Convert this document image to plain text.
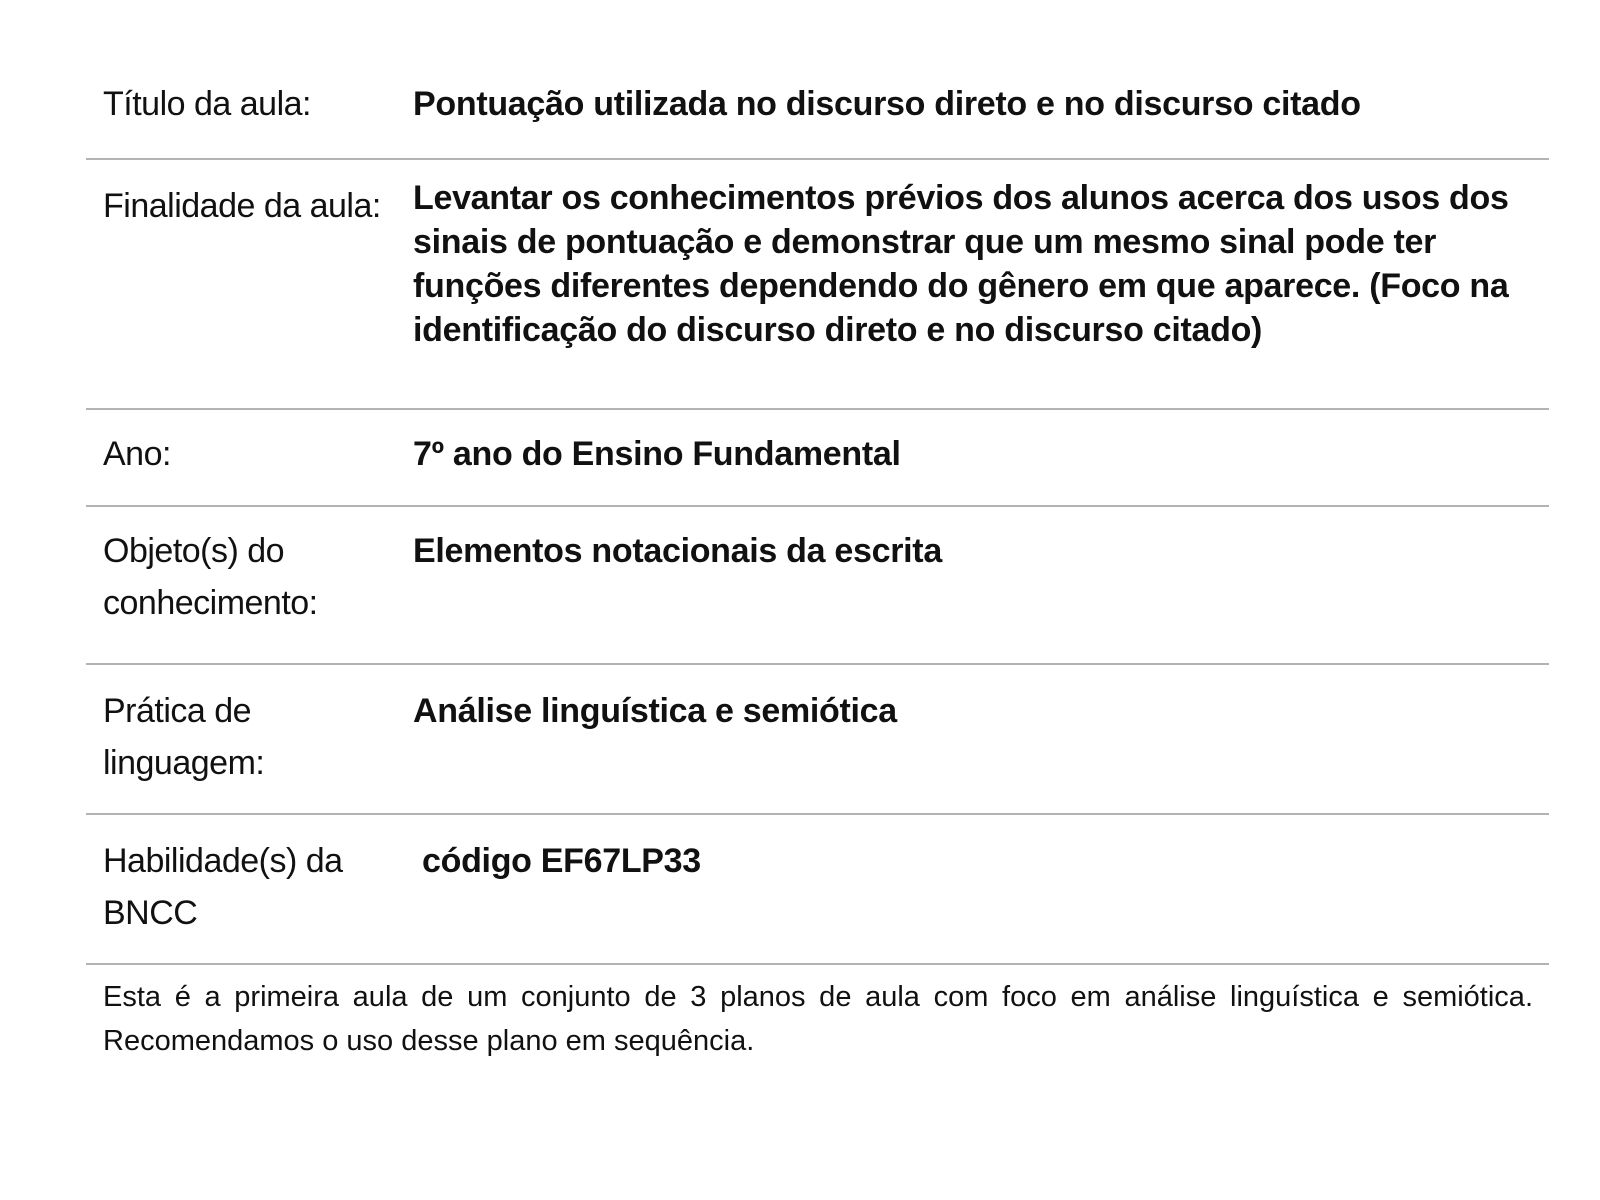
Título da aula:	Pontuação utilizada no discurso direto e no discurso citado
Finalidade da aula: Levantar os conhecimentos prévios dos alunos acerca dos usos dos sinais de pontuação e demonstrar que um mesmo sinal pode ter funções diferentes dependendo do gênero em que aparece. (Foco na identificação do discurso direto e no discurso citado)
Ano:	7º ano do Ensino Fundamental
Objeto(s) do conhecimento:
Elementos notacionais da escrita
Prática de linguagem:
Análise linguística e semiótica
Habilidade(s) da BNCC
código EF67LP33
Esta é a primeira aula de um conjunto de 3 planos de aula com foco em análise linguística e semiótica. Recomendamos o uso desse plano em sequência.
